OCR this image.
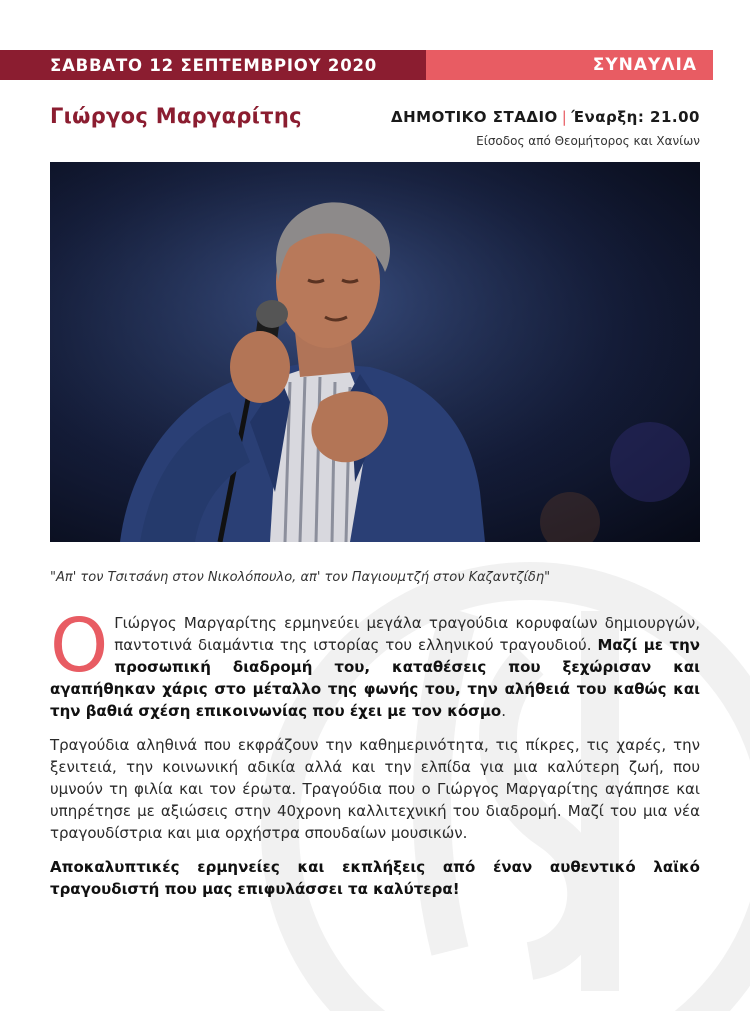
ΣΑΒΒΑΤΟ 12 ΣΕΠΤΕΜΒΡΙΟΥ 2020	ΣΥΝΑΥΛΙΑ
Γιώργος Μαργαρίτης	ΔΗΜΟΤΙΚΟ ΣΤΑΔΙΟ | Έναρξη: 21.00
Είσοδος από Θεομήτορος και Χανίων
"Απ' τον Τσιτσάνη στον Νικολόπουλο, απ' τον Παγιουμτζή στον Καζαντζίδη"

Ο Γιώργος Μαργαρίτης ερμηνεύει μεγάλα τραγούδια κορυφαίων δημιουργών, παντοτινά διαμάντια της ιστορίας του ελληνικού τραγουδιού. Μαζί με την προσωπική διαδρομή του, καταθέσεις που ξεχώρισαν και αγαπήθηκαν χάρις στο μέταλλο της φωνής του, την αλήθειά του καθώς και την βαθιά σχέση επικοινωνίας που έχει με τον κόσμο.

Τραγούδια αληθινά που εκφράζουν την καθημερινότητα, τις πίκρες, τις χαρές, την ξενιτειά, την κοινωνική αδικία αλλά και την ελπίδα για μια καλύτερη ζωή, που υμνούν τη φιλία και τον έρωτα. Τραγούδια που ο Γιώργος Μαργαρίτης αγάπησε και υπηρέτησε με αξιώσεις στην 40χρονη καλλιτεχνική του διαδρομή. Μαζί του μια νέα τραγουδίστρια και μια ορχήστρα σπουδαίων μουσικών.

Αποκαλυπτικές ερμηνείες και εκπλήξεις από έναν αυθεντικό λαϊκό τραγουδιστή που μας επιφυλάσσει τα καλύτερα!
